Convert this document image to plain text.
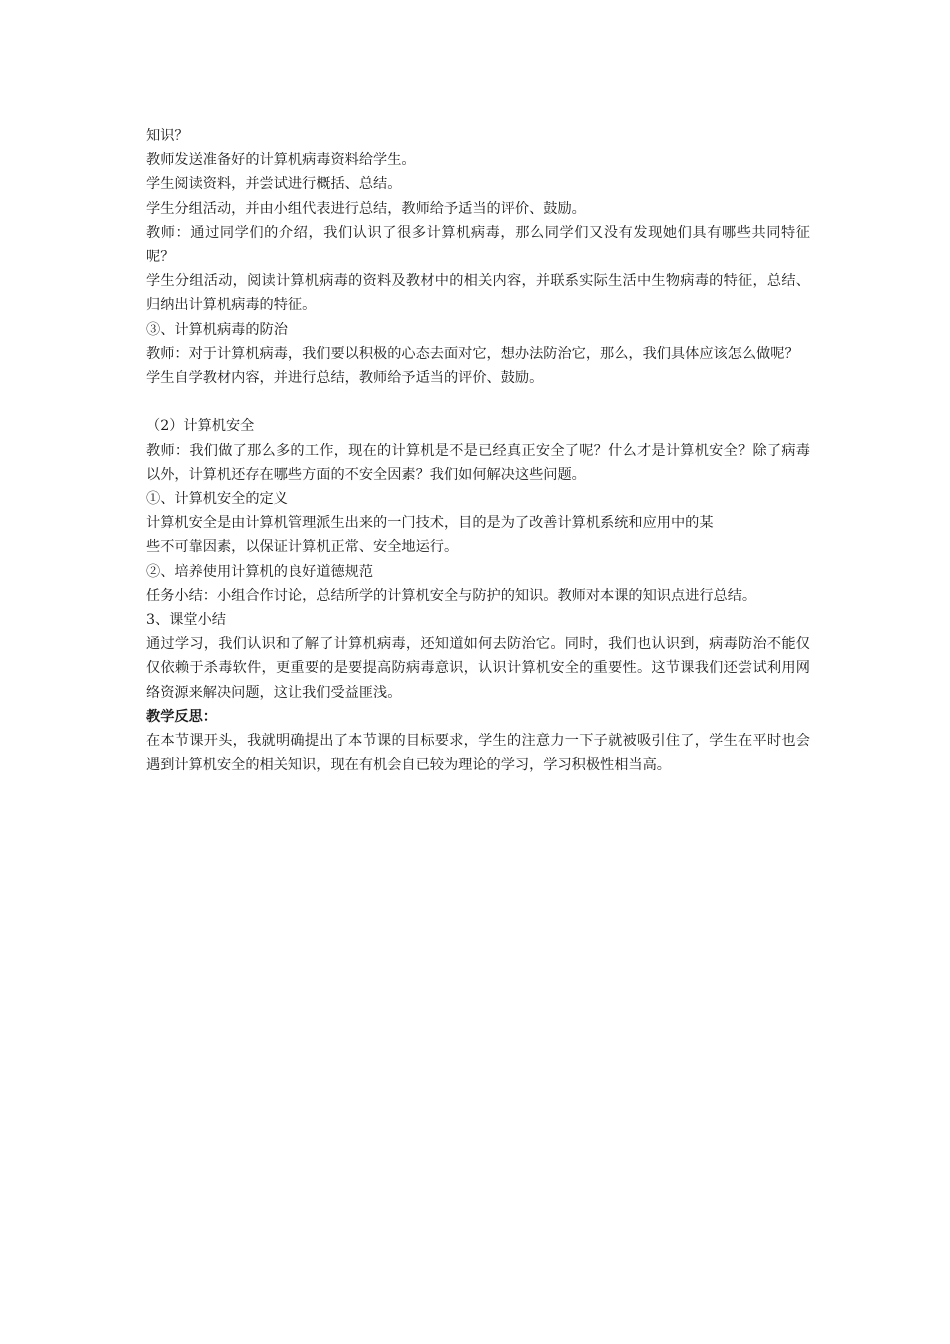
知识？

教师发送准备好的计算机病毒资料给学生。

学生阅读资料，并尝试进行概括、总结。

学生分组活动，并由小组代表进行总结，教师给予适当的评价、鼓励。

教师：通过同学们的介绍，我们认识了很多计算机病毒，那么同学们又没有发现她们具有哪些共同特征呢？

学生分组活动，阅读计算机病毒的资料及教材中的相关内容，并联系实际生活中生物病毒的特征，总结、归纳出计算机病毒的特征。

③、计算机病毒的防治

教师：对于计算机病毒，我们要以积极的心态去面对它，想办法防治它，那么，我们具体应该怎么做呢？

学生自学教材内容，并进行总结，教师给予适当的评价、鼓励。

（2）计算机安全

教师：我们做了那么多的工作，现在的计算机是不是已经真正安全了呢？什么才是计算机安全？除了病毒以外，计算机还存在哪些方面的不安全因素？我们如何解决这些问题。

①、计算机安全的定义

计算机安全是由计算机管理派生出来的一门技术，目的是为了改善计算机系统和应用中的某

些不可靠因素，以保证计算机正常、安全地运行。

②、培养使用计算机的良好道德规范

任务小结：小组合作讨论，总结所学的计算机安全与防护的知识。教师对本课的知识点进行总结。

3、课堂小结

通过学习，我们认识和了解了计算机病毒，还知道如何去防治它。同时，我们也认识到，病毒防治不能仅仅依赖于杀毒软件，更重要的是要提高防病毒意识，认识计算机安全的重要性。这节课我们还尝试利用网络资源来解决问题，这让我们受益匪浅。

教学反思：

在本节课开头，我就明确提出了本节课的目标要求，学生的注意力一下子就被吸引住了，学生在平时也会遇到计算机安全的相关知识，现在有机会自已较为理论的学习，学习积极性相当高。
